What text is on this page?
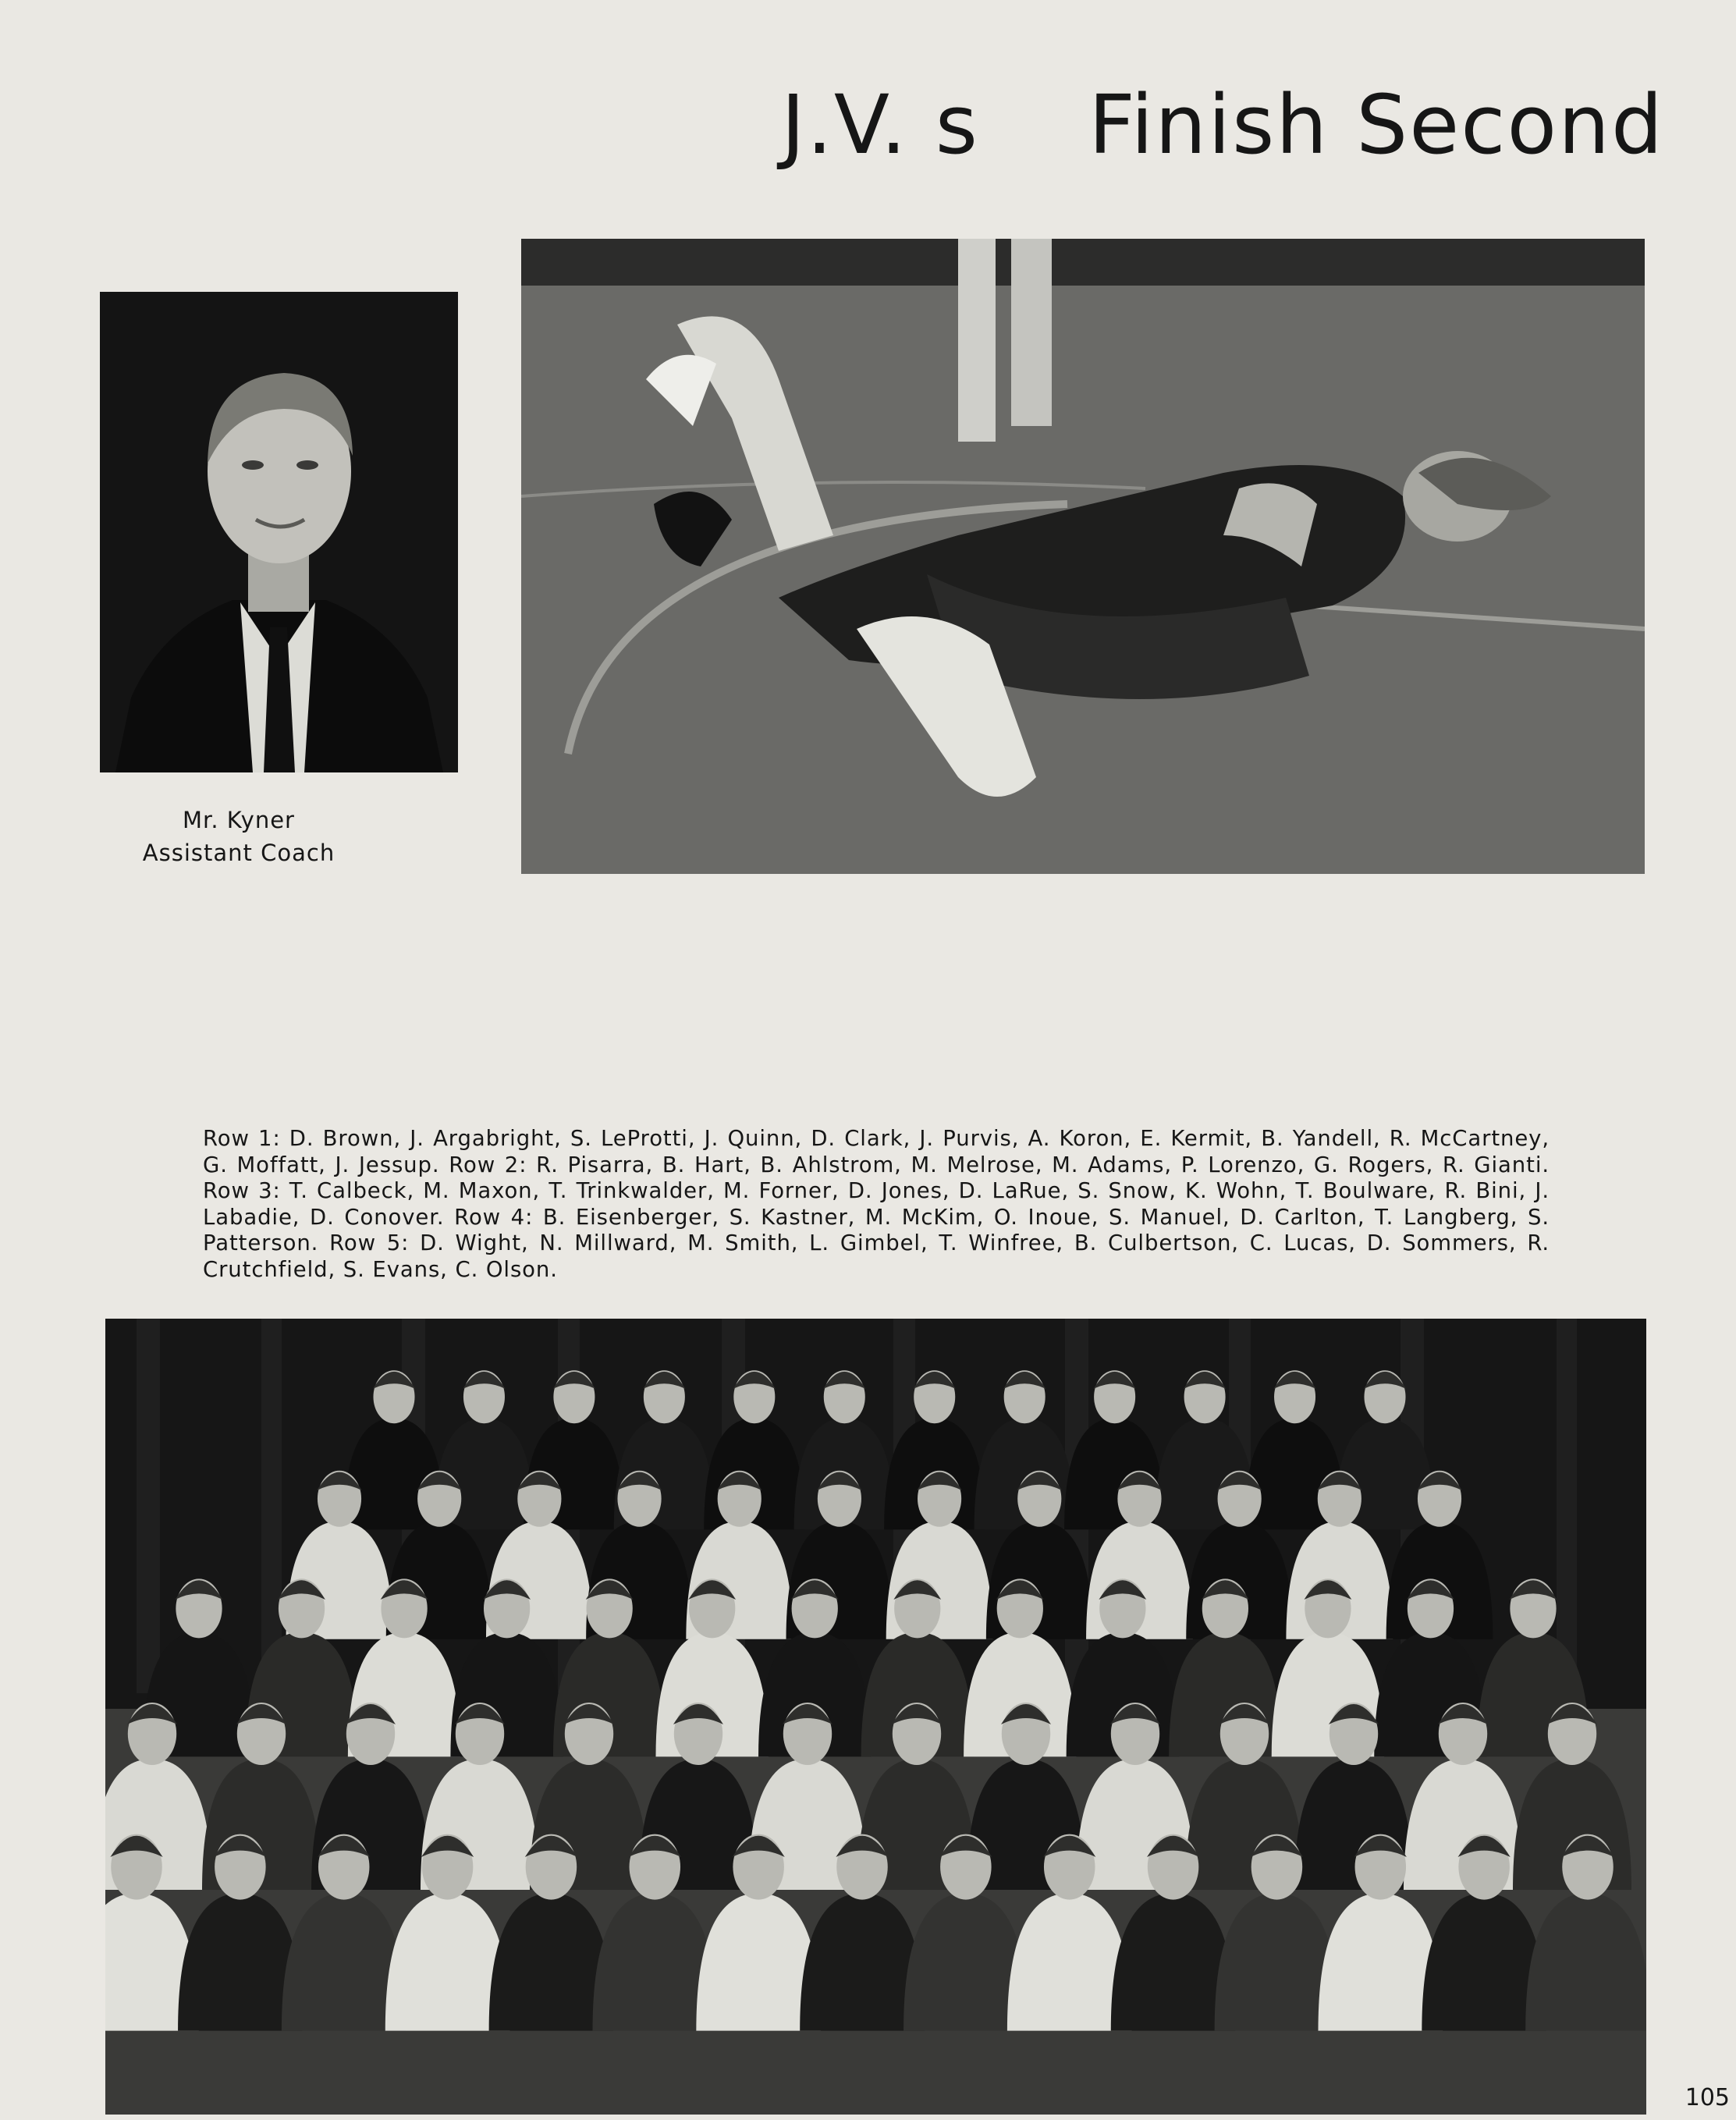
J.V. s    Finish Second
Mr. Kyner
Assistant Coach

Row 1: D. Brown, J. Argabright, S. LeProtti, J. Quinn, D. Clark, J. Purvis, A. Koron, E. Kermit, B. Yandell, R. McCartney, G. Moffatt, J. Jessup. Row 2: R. Pisarra, B. Hart, B. Ahlstrom, M. Melrose, M. Adams, P. Lorenzo, G. Rogers, R. Gianti. Row 3: T. Calbeck, M. Maxon, T. Trinkwalder, M. Forner, D. Jones, D. LaRue, S. Snow, K. Wohn, T. Boulware, R. Bini, J. Labadie, D. Conover. Row 4: B. Eisenberger, S. Kastner, M. McKim, O. Inoue, S. Manuel, D. Carlton, T. Langberg, S. Patterson. Row 5: D. Wight, N. Millward, M. Smith, L. Gimbel, T. Winfree, B. Culbertson, C. Lucas, D. Sommers, R. Crutchfield, S. Evans, C. Olson.

105
